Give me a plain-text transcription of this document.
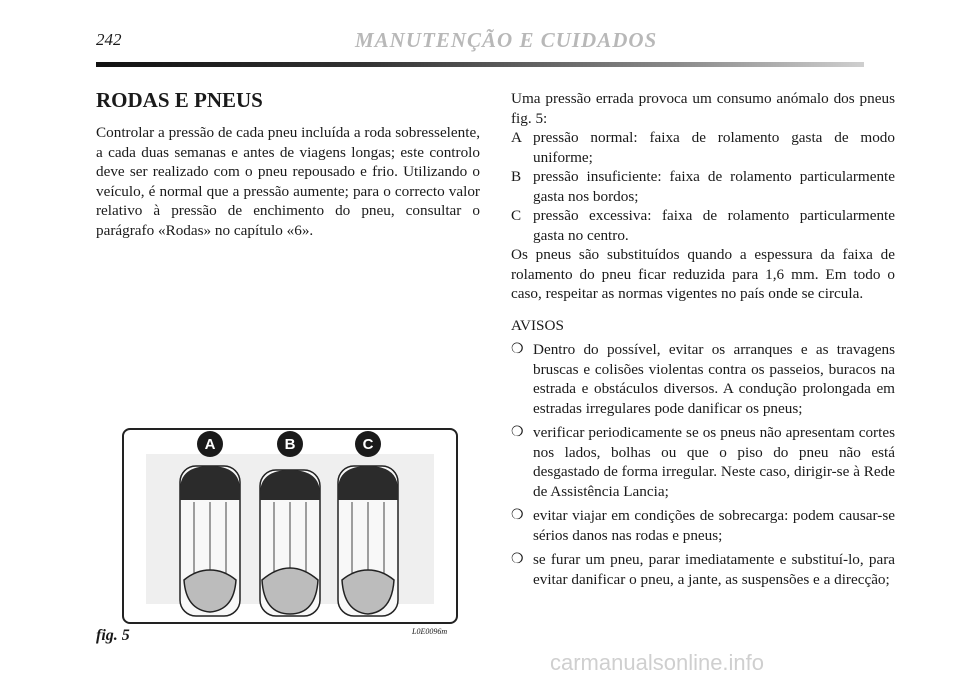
242	MANUTENÇÃO E CUIDADOS
RODAS E PNEUS

Controlar a pressão de cada pneu incluída a roda sobresselente, a cada duas semanas e antes de viagens longas; este controlo deve ser realizado com o pneu repousado e frio. Utilizando o veículo, é normal que a pressão aumente; para o correcto valor relativo à pressão de enchimento do pneu, consultar o parágrafo «Rodas» no capítulo «6».

Uma pressão errada provoca um consumo anómalo dos pneus fig. 5:

A pressão normal: faixa de rolamento gasta de modo uniforme;
B pressão insuficiente: faixa de rolamento particularmente gasta nos bordos;
C pressão excessiva: faixa de rolamento particularmente gasta no centro.

Os pneus são substituídos quando a espessura da faixa de rolamento do pneu ficar reduzida para 1,6 mm. Em todo o caso, respeitar as normas vigentes no país onde se circula.

AVISOS

❍ Dentro do possível, evitar os arranques e as travagens bruscas e colisões violentas contra os passeios, buracos na estrada e obstáculos diversos. A condução prolongada em estradas irregulares pode danificar os pneus;
❍ verificar periodicamente se os pneus não apresentam cortes nos lados, bolhas ou que o piso do pneu não está desgastado de forma irregular. Neste caso, dirigir-se à Rede de Assistência Lancia;
❍ evitar viajar em condições de sobrecarga: podem causar-se sérios danos nas rodas e pneus;
❍ se furar um pneu, parar imediatamente e substituí-lo, para evitar danificar o pneu, a jante, as suspensões e a direcção;
A	B	C
fig. 5	L0E0096m
carmanualsonline.info
